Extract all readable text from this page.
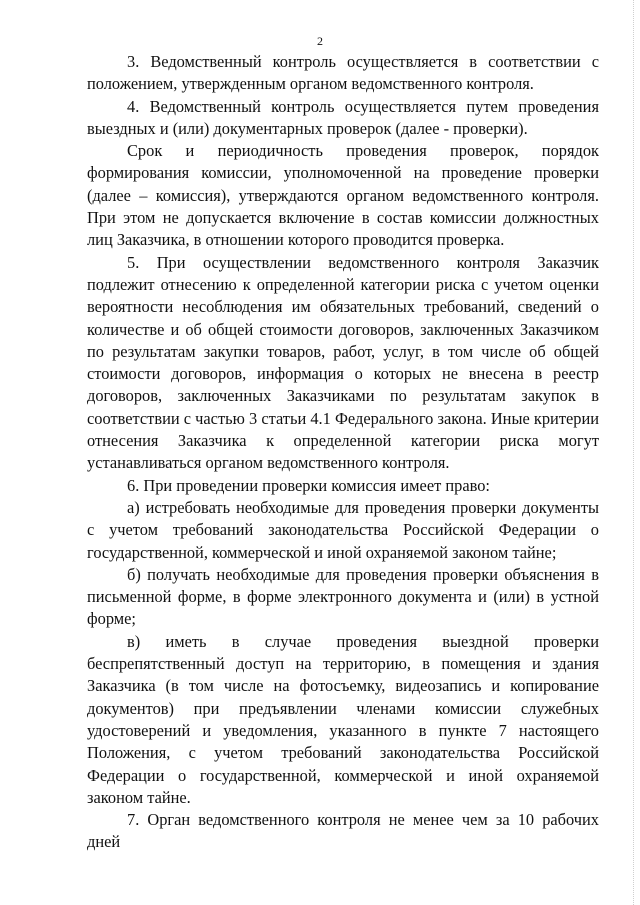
2

3. Ведомственный контроль осуществляется в соответствии с положением, утвержденным органом ведомственного контроля.

4. Ведомственный контроль осуществляется путем проведения выездных и (или) документарных проверок (далее - проверки).

Срок и периодичность проведения проверок, порядок формирования комиссии, уполномоченной на проведение проверки (далее – комиссия), утверждаются органом ведомственного контроля. При этом не допускается включение в состав комиссии должностных лиц Заказчика, в отношении которого проводится проверка.

5. При осуществлении ведомственного контроля Заказчик подлежит отнесению к определенной категории риска с учетом оценки вероятности несоблюдения им обязательных требований, сведений о количестве и об общей стоимости договоров, заключенных Заказчиком по результатам закупки товаров, работ, услуг, в том числе об общей стоимости договоров, информация о которых не внесена в реестр договоров, заключенных Заказчиками по результатам закупок в соответствии с частью 3 статьи 4.1 Федерального закона. Иные критерии отнесения Заказчика к определенной категории риска могут устанавливаться органом ведомственного контроля.

6. При проведении проверки комиссия имеет право:

а) истребовать необходимые для проведения проверки документы с учетом требований законодательства Российской Федерации о государственной, коммерческой и иной охраняемой законом тайне;

б) получать необходимые для проведения проверки объяснения в письменной форме, в форме электронного документа и (или) в устной форме;

в) иметь в случае проведения выездной проверки беспрепятственный доступ на территорию, в помещения и здания Заказчика (в том числе на фотосъемку, видеозапись и копирование документов) при предъявлении членами комиссии служебных удостоверений и уведомления, указанного в пункте 7 настоящего Положения, с учетом требований законодательства Российской Федерации о государственной, коммерческой и иной охраняемой законом тайне.

7. Орган ведомственного контроля не менее чем за 10 рабочих дней
